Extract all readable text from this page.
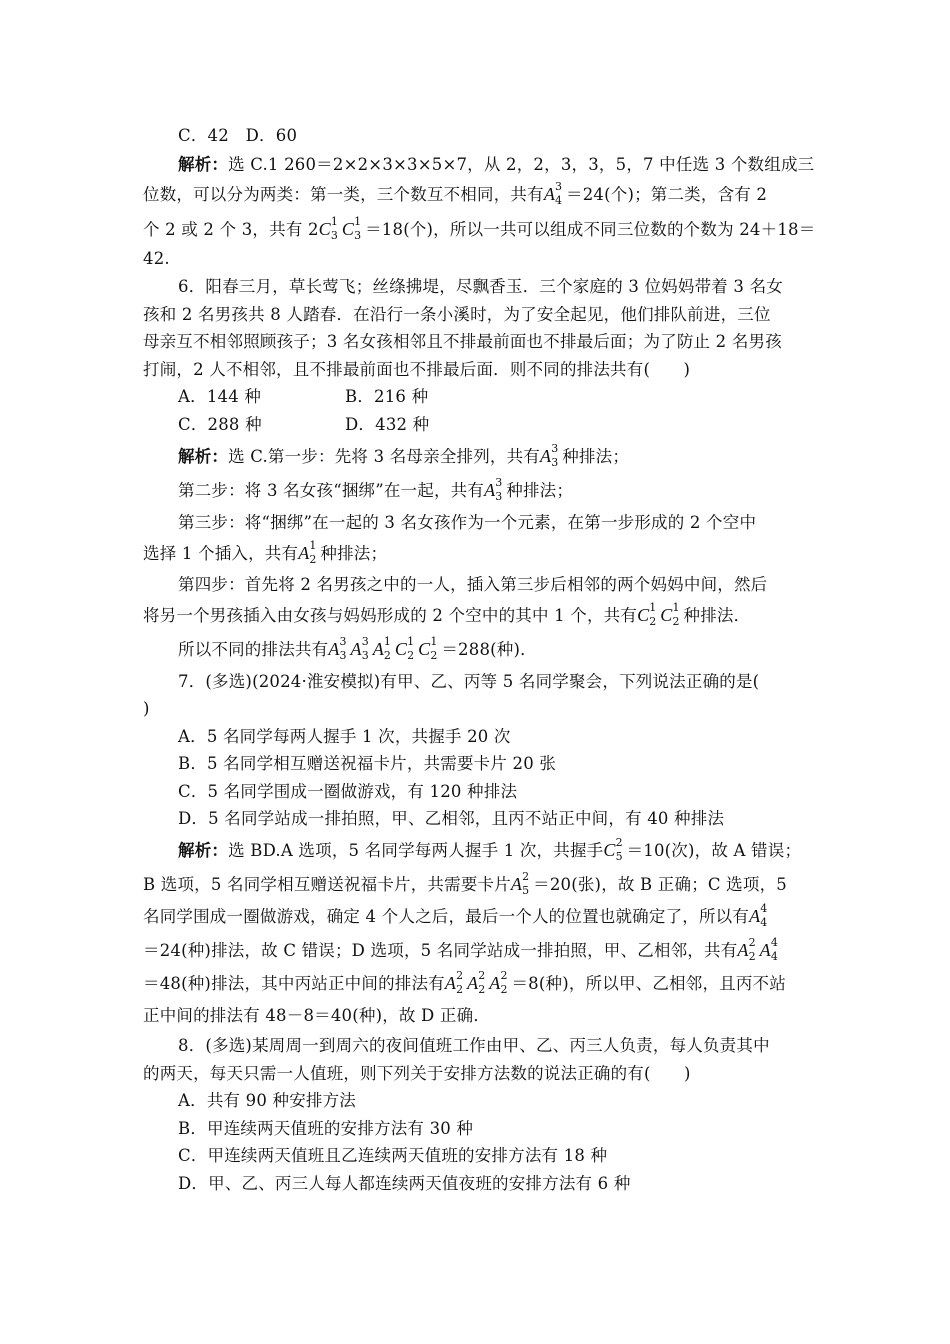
C．42　D．60
解析：选 C.1 260＝2×2×3×3×5×7，从 2，2，3，3，5，7 中任选 3 个数组成三
位数，可以分为两类：第一类，三个数互不相同，共有A 3
4 ＝24(个)；第二类，含有 2
个 2 或 2 个 3，共有 2C 1
3 C 1
3 ＝18(个)，所以一共可以组成不同三位数的个数为 24＋18＝
42.
6．阳春三月，草长莺飞；丝绦拂堤，尽飘香玉．三个家庭的 3 位妈妈带着 3 名女
孩和 2 名男孩共 8 人踏春．在沿行一条小溪时，为了安全起见，他们排队前进，三位
母亲互不相邻照顾孩子；3 名女孩相邻且不排最前面也不排最后面；为了防止 2 名男孩
打闹，2 人不相邻，且不排最前面也不排最后面．则不同的排法共有(　　)
A．144 种	B．216 种
C．288 种	D．432 种
解析：选 C.第一步：先将 3 名母亲全排列，共有A 3
3 种排法；
第二步：将 3 名女孩“捆绑”在一起，共有A 3
3 种排法；
第三步：将“捆绑”在一起的 3 名女孩作为一个元素，在第一步形成的 2 个空中
选择 1 个插入，共有A 1
2 种排法；
第四步：首先将 2 名男孩之中的一人，插入第三步后相邻的两个妈妈中间，然后
将另一个男孩插入由女孩与妈妈形成的 2 个空中的其中 1 个，共有C 1
2 C 1
2 种排法．
所以不同的排法共有A 3
3 A 3
3 A 1
2 C 1
2 C 1
2 ＝288(种)．
7．(多选)(2024·淮安模拟)有甲、乙、丙等 5 名同学聚会，下列说法正确的是(
)
A．5 名同学每两人握手 1 次，共握手 20 次
B．5 名同学相互赠送祝福卡片，共需要卡片 20 张
C．5 名同学围成一圈做游戏，有 120 种排法
D．5 名同学站成一排拍照，甲、乙相邻，且丙不站正中间，有 40 种排法
解析：选 BD.A 选项，5 名同学每两人握手 1 次，共握手C 2
5 ＝10(次)，故 A 错误；
B 选项，5 名同学相互赠送祝福卡片，共需要卡片A 2
5 ＝20(张)，故 B 正确；C 选项，5
名同学围成一圈做游戏，确定 4 个人之后，最后一个人的位置也就确定了，所以有A 4
4
＝24(种)排法，故 C 错误；D 选项，5 名同学站成一排拍照，甲、乙相邻，共有A 2
2 A 4
4
＝48(种)排法，其中丙站正中间的排法有A 2
2 A 2
2 A 2
2 ＝8(种)，所以甲、乙相邻，且丙不站
正中间的排法有 48－8＝40(种)，故 D 正确．
8．(多选)某周周一到周六的夜间值班工作由甲、乙、丙三人负责，每人负责其中
的两天，每天只需一人值班，则下列关于安排方法数的说法正确的有(　　)
A．共有 90 种安排方法
B．甲连续两天值班的安排方法有 30 种
C．甲连续两天值班且乙连续两天值班的安排方法有 18 种
D．甲、乙、丙三人每人都连续两天值夜班的安排方法有 6 种
